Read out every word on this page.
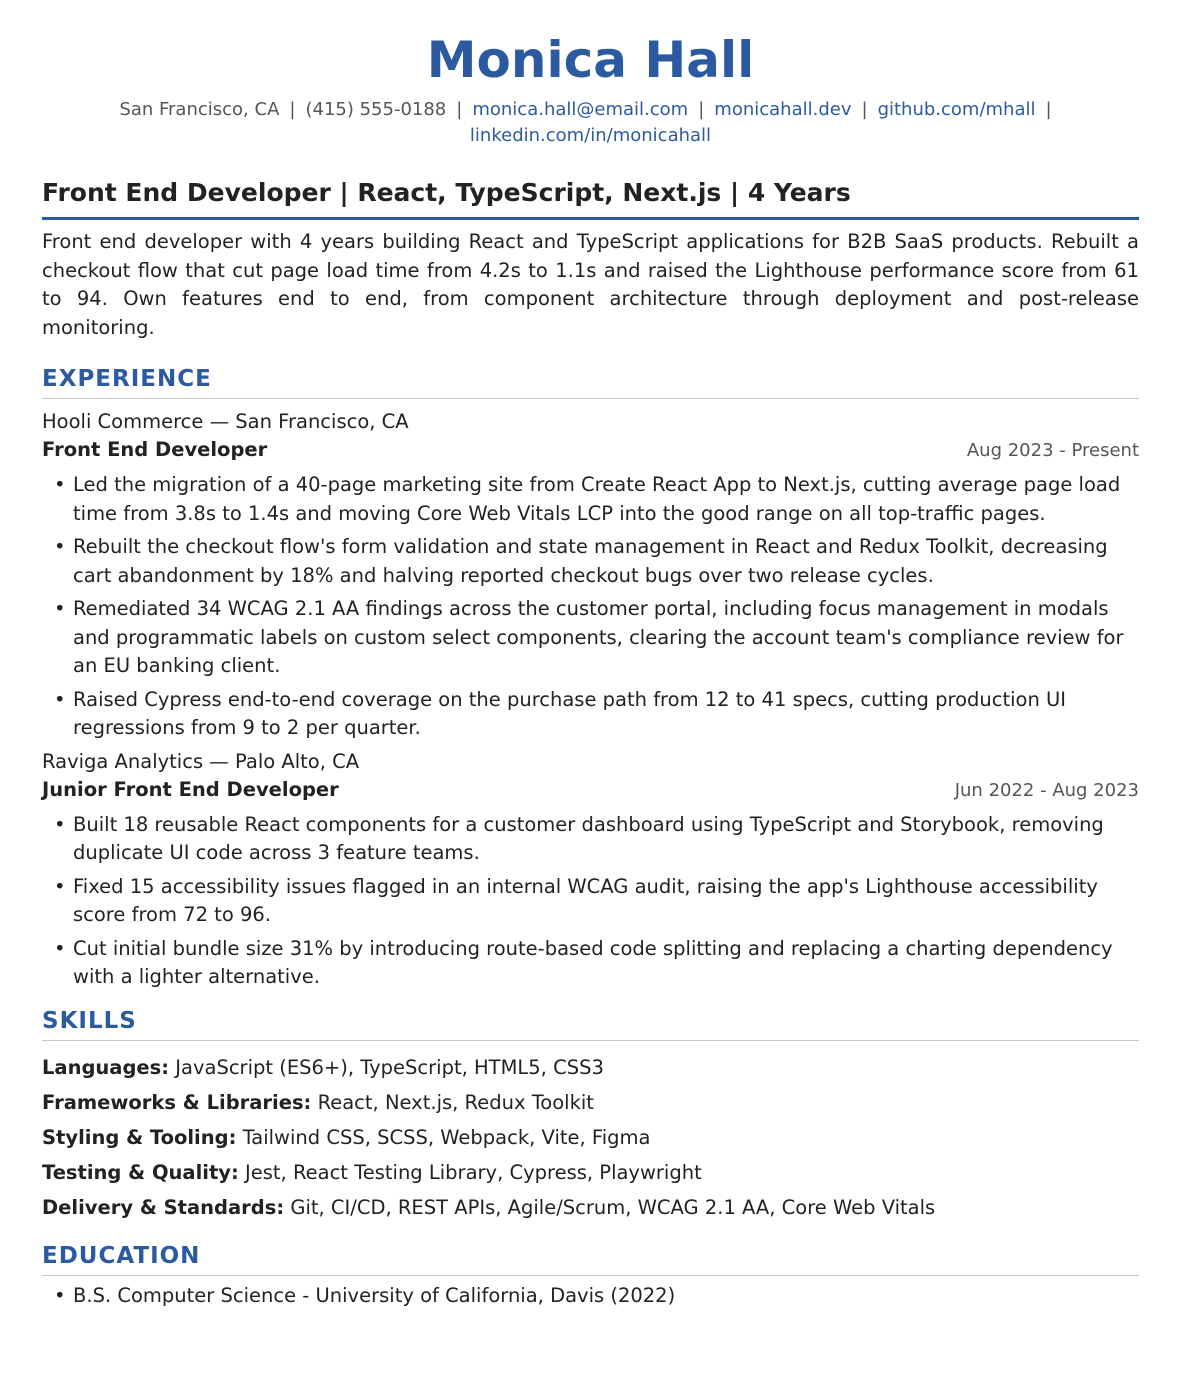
Monica Hall
San Francisco, CA | (415) 555-0188 | monica.hall@email.com | monicahall.dev | github.com/mhall |
linkedin.com/in/monicahall
Front End Developer | React, TypeScript, Next.js | 4 Years
Front end developer with 4 years building React and TypeScript applications for B2B SaaS products. Rebuilt a checkout flow that cut page load time from 4.2s to 1.1s and raised the Lighthouse performance score from 61 to 94. Own features end to end, from component architecture through deployment and post-release monitoring.
EXPERIENCE
Hooli Commerce — San Francisco, CA
Front End Developer	Aug 2023 - Present
• Led the migration of a 40-page marketing site from Create React App to Next.js, cutting average page load time from 3.8s to 1.4s and moving Core Web Vitals LCP into the good range on all top-traffic pages.
• Rebuilt the checkout flow's form validation and state management in React and Redux Toolkit, decreasing cart abandonment by 18% and halving reported checkout bugs over two release cycles.
• Remediated 34 WCAG 2.1 AA findings across the customer portal, including focus management in modals and programmatic labels on custom select components, clearing the account team's compliance review for an EU banking client.
• Raised Cypress end-to-end coverage on the purchase path from 12 to 41 specs, cutting production UI regressions from 9 to 2 per quarter.
Raviga Analytics — Palo Alto, CA
Junior Front End Developer	Jun 2022 - Aug 2023
• Built 18 reusable React components for a customer dashboard using TypeScript and Storybook, removing duplicate UI code across 3 feature teams.
• Fixed 15 accessibility issues flagged in an internal WCAG audit, raising the app's Lighthouse accessibility score from 72 to 96.
• Cut initial bundle size 31% by introducing route-based code splitting and replacing a charting dependency with a lighter alternative.
SKILLS
Languages: JavaScript (ES6+), TypeScript, HTML5, CSS3
Frameworks & Libraries: React, Next.js, Redux Toolkit
Styling & Tooling: Tailwind CSS, SCSS, Webpack, Vite, Figma
Testing & Quality: Jest, React Testing Library, Cypress, Playwright
Delivery & Standards: Git, CI/CD, REST APIs, Agile/Scrum, WCAG 2.1 AA, Core Web Vitals
EDUCATION
• B.S. Computer Science - University of California, Davis (2022)
